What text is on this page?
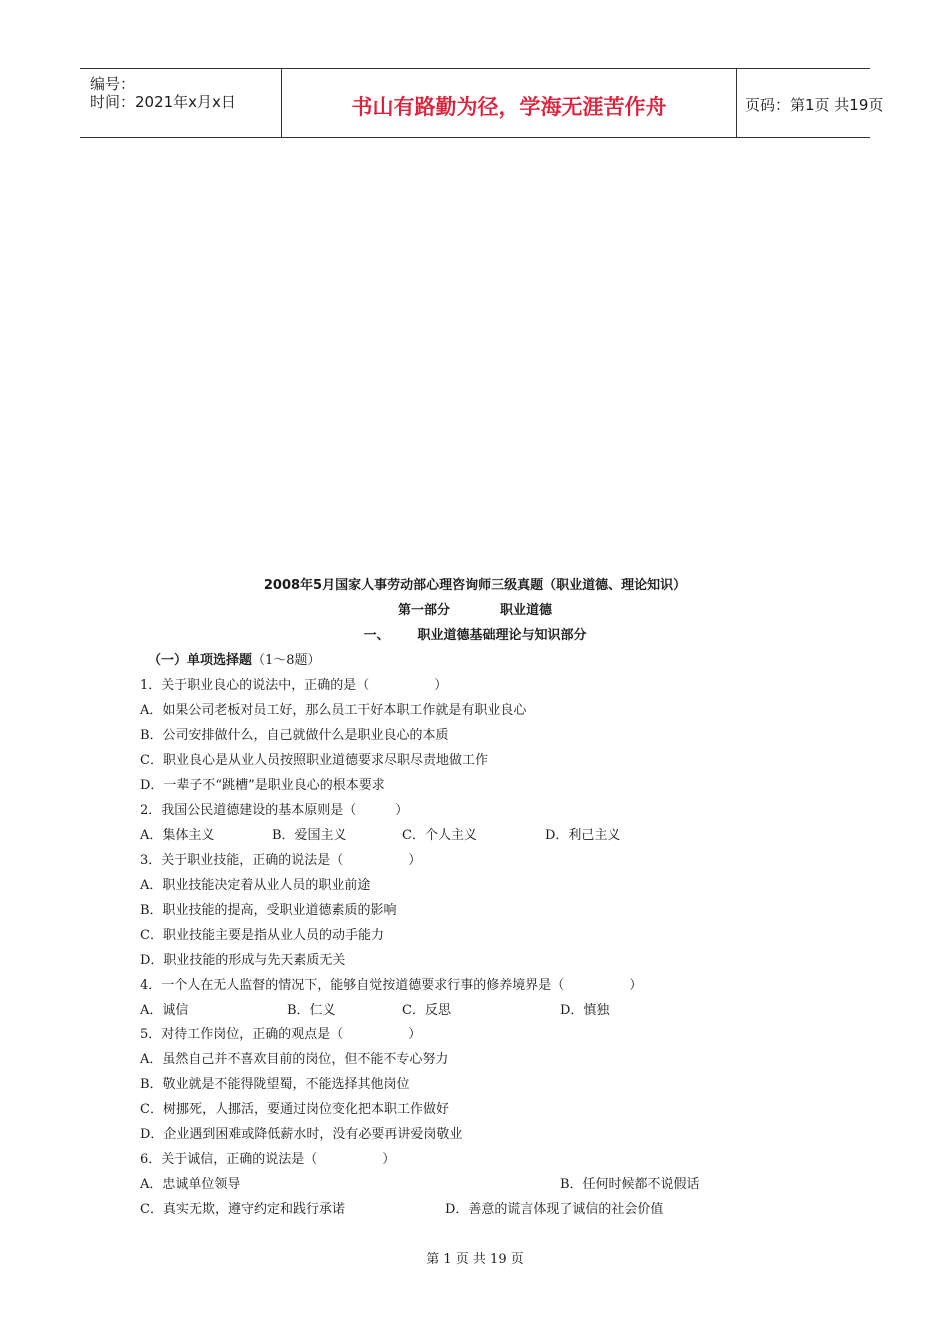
编号：
时间：2021年x月x日	书山有路勤为径，学海无涯苦作舟	页码：第1页 共19页
2008年5月国家人事劳动部心理咨询师三级真题（职业道德、理论知识）
第一部分	职业道德
一、 职业道德基础理论与知识部分
（一）单项选择题（1～8题）
1．关于职业良心的说法中，正确的是（　　　　　）
A．如果公司老板对员工好，那么员工干好本职工作就是有职业良心
B．公司安排做什么，自己就做什么是职业良心的本质
C．职业良心是从业人员按照职业道德要求尽职尽责地做工作
D．一辈子不“跳槽”是职业良心的根本要求
2．我国公民道德建设的基本原则是（　　　）
A．集体主义	B．爱国主义	C．个人主义	D．利己主义
3．关于职业技能，正确的说法是（　　　　　）
A．职业技能决定着从业人员的职业前途
B．职业技能的提高，受职业道德素质的影响
C．职业技能主要是指从业人员的动手能力
D．职业技能的形成与先天素质无关
4．一个人在无人监督的情况下，能够自觉按道德要求行事的修养境界是（　　　　　）
A．诚信	B．仁义	C．反思	D．慎独
5．对待工作岗位，正确的观点是（　　　　　）
A．虽然自己并不喜欢目前的岗位，但不能不专心努力
B．敬业就是不能得陇望蜀，不能选择其他岗位
C．树挪死，人挪活，要通过岗位变化把本职工作做好
D．企业遇到困难或降低薪水时，没有必要再讲爱岗敬业
6．关于诚信，正确的说法是（　　　　　）
A．忠诚单位领导	B．任何时候都不说假话
C．真实无欺，遵守约定和践行承诺	D．善意的谎言体现了诚信的社会价值
第 1 页 共 19 页
